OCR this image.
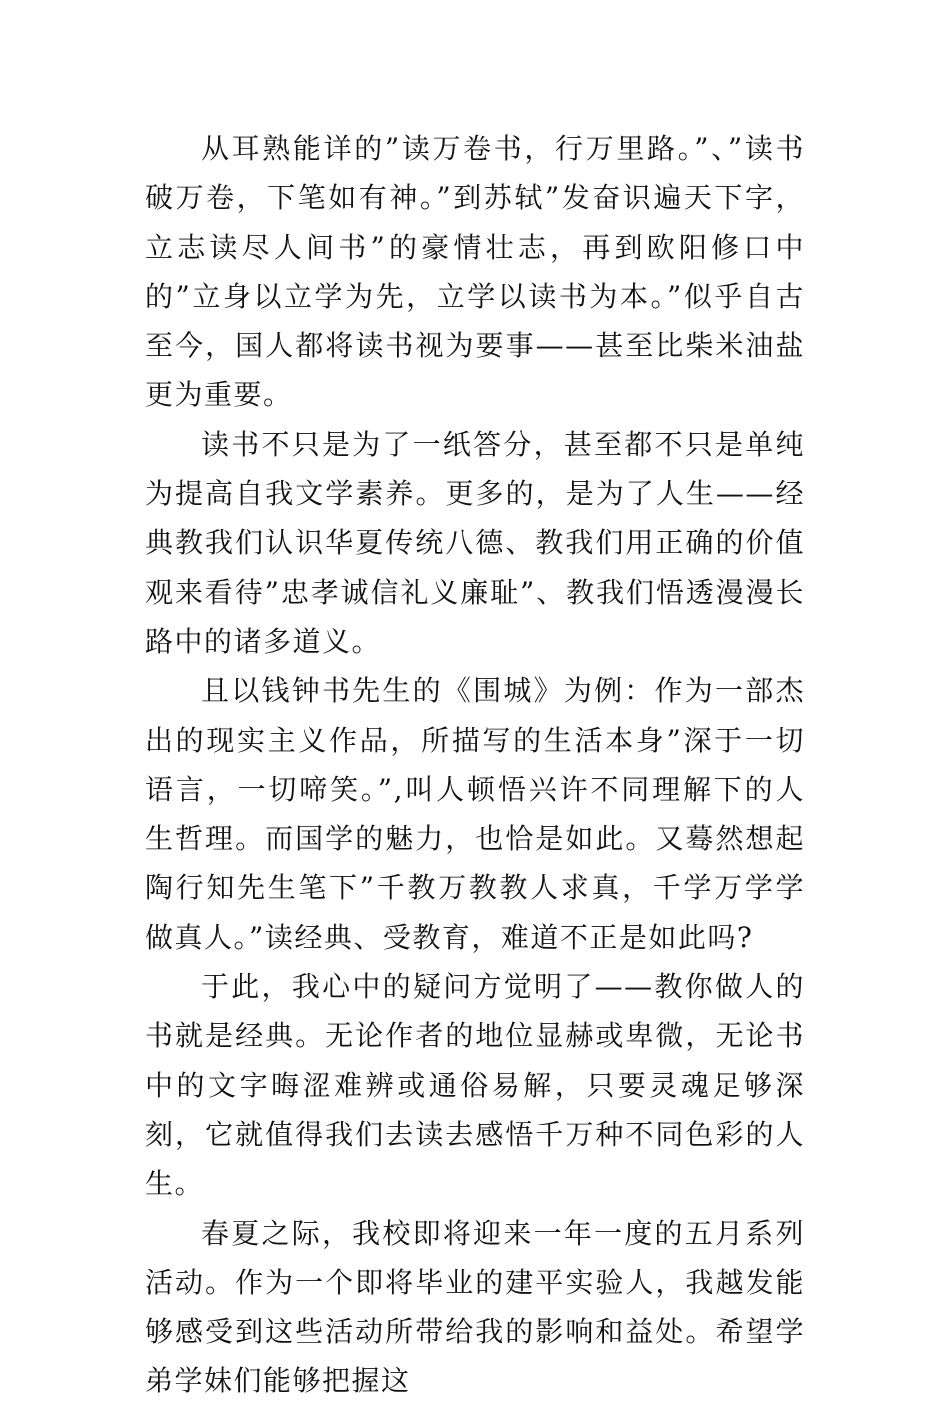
从耳熟能详的”读万卷书，行万里路。”、”读书破万卷，下笔如有神。”到苏轼”发奋识遍天下字，立志读尽人间书”的豪情壮志，再到欧阳修口中的”立身以立学为先，立学以读书为本。”似乎自古至今，国人都将读书视为要事——甚至比柴米油盐更为重要。

读书不只是为了一纸答分，甚至都不只是单纯为提高自我文学素养。更多的，是为了人生——经典教我们认识华夏传统八德、教我们用正确的价值观来看待”忠孝诚信礼义廉耻”、教我们悟透漫漫长路中的诸多道义。

且以钱钟书先生的《围城》为例：作为一部杰出的现实主义作品，所描写的生活本身”深于一切语言，一切啼笑。”,叫人顿悟兴许不同理解下的人生哲理。而国学的魅力，也恰是如此。又蓦然想起陶行知先生笔下”千教万教教人求真，千学万学学做真人。”读经典、受教育，难道不正是如此吗?

于此，我心中的疑问方觉明了——教你做人的书就是经典。无论作者的地位显赫或卑微，无论书中的文字晦涩难辨或通俗易解，只要灵魂足够深刻，它就值得我们去读去感悟千万种不同色彩的人生。

春夏之际，我校即将迎来一年一度的五月系列活动。作为一个即将毕业的建平实验人，我越发能够感受到这些活动所带给我的影响和益处。希望学弟学妹们能够把握这
